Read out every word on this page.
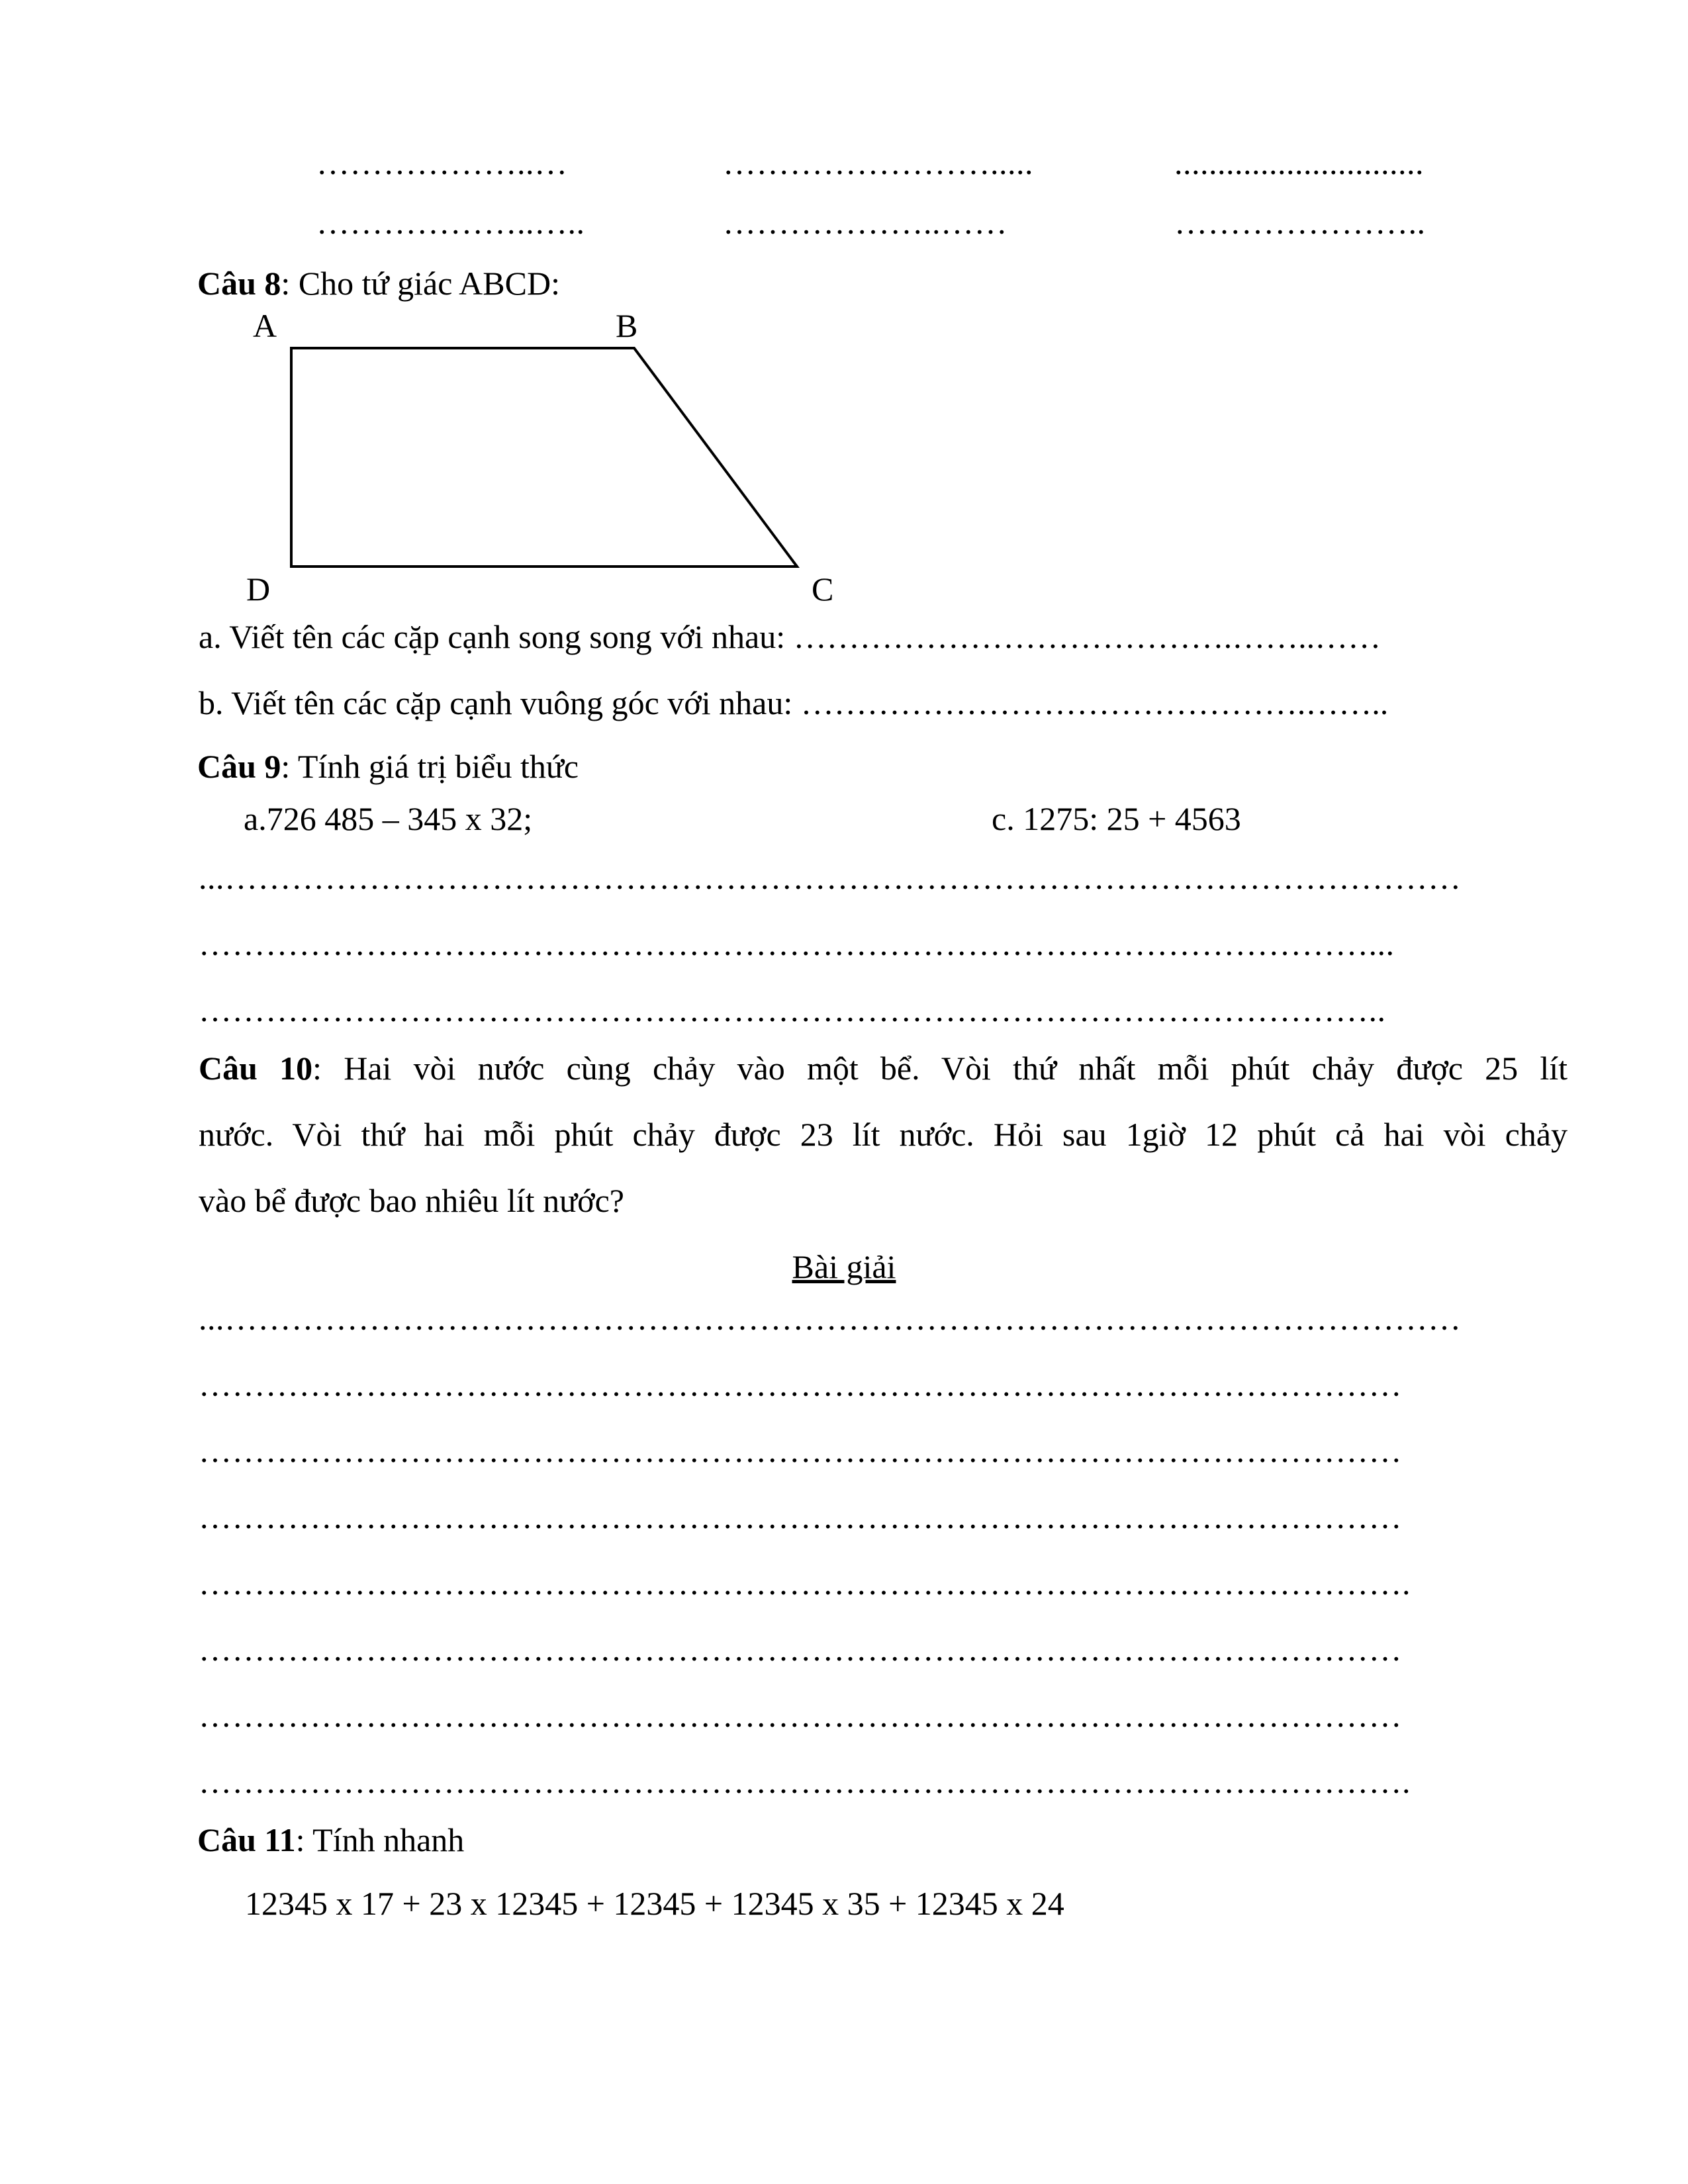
………………..…	…………………….....	.............................
………………..…..	………………..……	…………………..
Câu 8: Cho tứ giác ABCD:
A	B
D	C
a. Viết tên các cặp cạnh song song với nhau: ………………………………….……..……
b. Viết tên các cặp cạnh vuông góc với nhau: ……………………………………….……..
Câu 9: Tính giá trị biểu thức
a.726 485 – 345 x 32;	c. 1275: 25 + 4563
...…………………………………………………………………………………………………
……………………………………………………………………………………………...
……………………………………………………………………………………………..
Câu 10: Hai vòi nước cùng chảy vào một bể. Vòi thứ nhất mỗi phút chảy được 25 lít
nước. Vòi thứ hai mỗi phút chảy được 23 lít nước. Hỏi sau 1giờ 12 phút cả hai vòi chảy
vào bể được bao nhiêu lít nước?
Bài giải
...…………………………………………………………………………………………………
………………………………………………………………………………………………
………………………………………………………………………………………………
………………………………………………………………………………………………
……………………………………………………………………………………………….
………………………………………………………………………………………………
………………………………………………………………………………………………
……………………………………………………………………………………………….
Câu 11: Tính nhanh
12345 x 17 + 23 x 12345 + 12345 + 12345 x 35 + 12345 x 24
